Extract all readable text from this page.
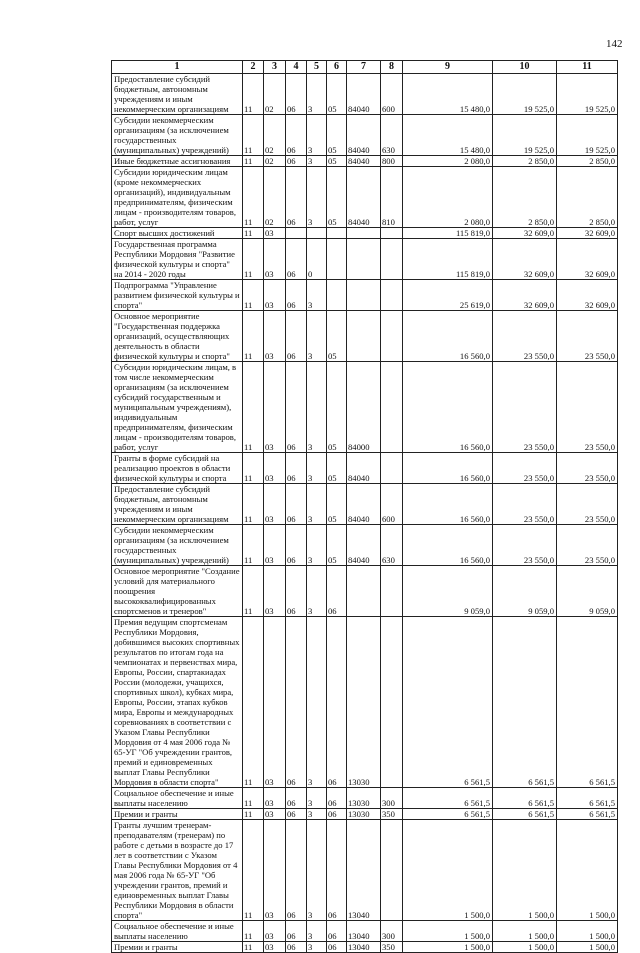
142
1	2	3	4	5	6	7	8	9	10	11
Предоставление субсидий бюджетным, автономным учреждениям и иным некоммерческим организациям	11	02	06	3	05	84040	600	15 480,0	19 525,0	19 525,0
Субсидии некоммерческим организациям (за исключением государственных (муниципальных) учреждений)	11	02	06	3	05	84040	630	15 480,0	19 525,0	19 525,0
Иные бюджетные ассигнования	11	02	06	3	05	84040	800	2 080,0	2 850,0	2 850,0
Субсидии юридическим лицам (кроме некоммерческих организаций), индивидуальным предпринимателям, физическим лицам - производителям товаров, работ, услуг	11	02	06	3	05	84040	810	2 080,0	2 850,0	2 850,0
Спорт высших достижений	11	03						115 819,0	32 609,0	32 609,0
Государственная программа Республики Мордовия "Развитие физической культуры и спорта" на 2014 - 2020 годы	11	03	06	0				115 819,0	32 609,0	32 609,0
Подпрограмма "Управление развитием физической культуры и спорта"	11	03	06	3				25 619,0	32 609,0	32 609,0
Основное мероприятие "Государственная поддержка организаций, осуществляющих деятельность в области физической культуры и спорта"	11	03	06	3	05			16 560,0	23 550,0	23 550,0
Субсидии юридическим лицам, в том числе некоммерческим организациям (за исключением субсидий государственным и муниципальным учреждениям), индивидуальным предпринимателям, физическим лицам - производителям товаров, работ, услуг	11	03	06	3	05	84000		16 560,0	23 550,0	23 550,0
Гранты в форме субсидий на реализацию проектов в области физической культуры и спорта	11	03	06	3	05	84040		16 560,0	23 550,0	23 550,0
Предоставление субсидий бюджетным, автономным учреждениям и иным некоммерческим организациям	11	03	06	3	05	84040	600	16 560,0	23 550,0	23 550,0
Субсидии некоммерческим организациям (за исключением государственных (муниципальных) учреждений)	11	03	06	3	05	84040	630	16 560,0	23 550,0	23 550,0
Основное мероприятие "Создание условий для материального поощрения высококвалифицированных спортсменов и тренеров"	11	03	06	3	06			9 059,0	9 059,0	9 059,0
Премия ведущим спортсменам Республики Мордовия, добившимся высоких спортивных результатов по итогам года на чемпионатах и первенствах мира, Европы, России, спартакиадах России (молодежи, учащихся, спортивных школ), кубках мира, Европы, России, этапах кубков мира, Европы и международных соревнованиях в соответствии с Указом Главы Республики Мордовия от 4 мая 2006 года № 65-УГ "Об учреждении грантов, премий и единовременных выплат Главы Республики Мордовия в области спорта"	11	03	06	3	06	13030		6 561,5	6 561,5	6 561,5
Социальное обеспечение и иные выплаты населению	11	03	06	3	06	13030	300	6 561,5	6 561,5	6 561,5
Премии и гранты	11	03	06	3	06	13030	350	6 561,5	6 561,5	6 561,5
Гранты лучшим тренерам-преподавателям (тренерам) по работе с детьми в возрасте до 17 лет в соответствии с Указом Главы Республики Мордовия от 4 мая 2006 года № 65-УГ "Об учреждении грантов, премий и единовременных выплат Главы Республики Мордовия в области спорта"	11	03	06	3	06	13040		1 500,0	1 500,0	1 500,0
Социальное обеспечение и иные выплаты населению	11	03	06	3	06	13040	300	1 500,0	1 500,0	1 500,0
Премии и гранты	11	03	06	3	06	13040	350	1 500,0	1 500,0	1 500,0
